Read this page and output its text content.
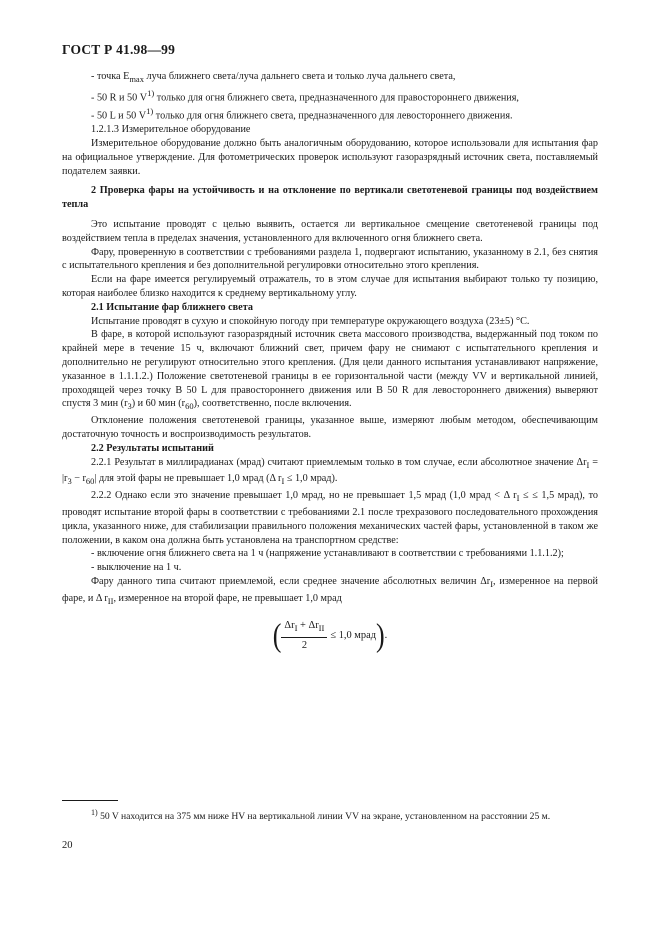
ГОСТ Р 41.98—99

- точка $E_{max}$ луча ближнего света/луча дальнего света и только луча дальнего света,

- 50 R и 50 $V^{1)}$ только для огня ближнего света, предназначенного для правостороннего движения,

- 50 L и 50 $V^{1)}$ только для огня ближнего света, предназначенного для левостороннего движения.

1.2.1.3 Измерительное оборудование

Измерительное оборудование должно быть аналогичным оборудованию, которое использовали для испытания фар на официальное утверждение. Для фотометрических проверок используют газоразрядный источник света, поставляемый подателем заявки.

2 Проверка фары на устойчивость и на отклонение по вертикали светотеневой границы под воздействием тепла

Это испытание проводят с целью выявить, остается ли вертикальное смещение светотеневой границы под воздействием тепла в пределах значения, установленного для включенного огня ближнего света.

Фару, проверенную в соответствии с требованиями раздела 1, подвергают испытанию, указанному в 2.1, без снятия с испытательного крепления и без дополнительной регулировки относительно этого крепления.

Если на фаре имеется регулируемый отражатель, то в этом случае для испытания выбирают только ту позицию, которая наиболее близко находится к среднему вертикальному углу.

2.1 Испытание фар ближнего света

Испытание проводят в сухую и спокойную погоду при температуре окружающего воздуха (23±5) °С.

В фаре, в которой используют газоразрядный источник света массового производства, выдержанный под током по крайней мере в течение 15 ч, включают ближний свет, причем фару не снимают с испытательного крепления и дополнительно не регулируют относительно этого крепления. (Для цели данного испытания устанавливают напряжение, указанное в 1.1.1.2.) Положение светотеневой границы в ее горизонтальной части (между VV и вертикальной линией, проходящей через точку B 50 L для правостороннего движения или B 50 R для левостороннего движения) выверяют спустя 3 мин $(r_3)$ и 60 мин $(r_{60})$, соответственно, после включения.

Отклонение положения светотеневой границы, указанное выше, измеряют любым методом, обеспечивающим достаточную точность и воспроизводимость результатов.

2.2 Результаты испытаний

2.2.1 Результат в миллирадианах (мрад) считают приемлемым только в том случае, если абсолютное значение $\Delta r_I = |r_3 - r_{60}|$ для этой фары не превышает 1,0 мрад (Δ $r_I \le 1,0$ мрад).

2.2.2 Однако если это значение превышает 1,0 мрад, но не превышает 1,5 мрад (1,0 мрад < Δ $r_I$ ≤ ≤ 1,5 мрад), то проводят испытание второй фары в соответствии с требованиями 2.1 после трехразового последовательного прохождения цикла, указанного ниже, для стабилизации правильного положения механических частей фары, установленной в таком же положении, в каком она должна быть установлена на транспортном средстве:

- включение огня ближнего света на 1 ч (напряжение устанавливают в соответствии с требованиями 1.1.1.2);

- выключение на 1 ч.

Фару данного типа считают приемлемой, если среднее значение абсолютных величин $\Delta r_I$, измеренное на первой фаре, и Δ $r_{II}$, измеренное на второй фаре, не превышает 1,0 мрад

( $\frac{\Delta r_I + \Delta r_{II}}{2} \le 1,0$ мрад).
$^{1)}$ 50 V находится на 375 мм ниже HV на вертикальной линии VV на экране, установленном на расстоянии 25 м.
20
